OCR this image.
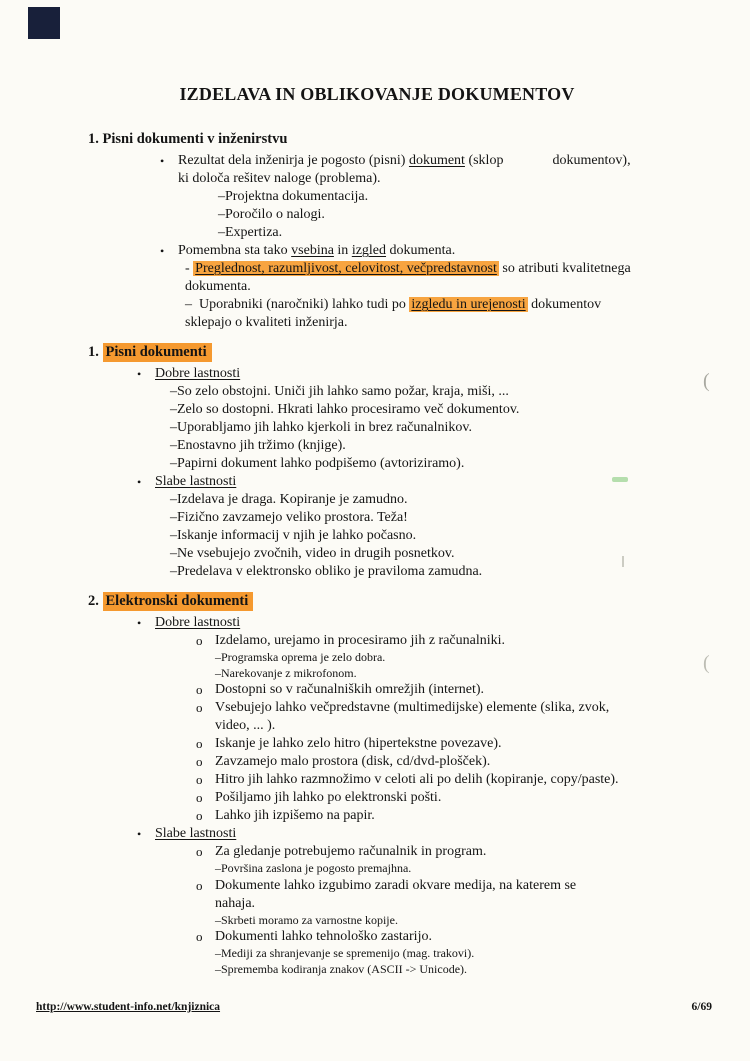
IZDELAVA IN OBLIKOVANJE DOKUMENTOV
1. Pisni dokumenti v inženirstvu
• Rezultat dela inženirja je pogosto (pisni) dokument (sklop              dokumentov),
ki določa rešitev naloge (problema).
–Projektna dokumentacija.
–Poročilo o nalogi.
–Expertiza.
• Pomembna sta tako vsebina in izgled dokumenta.
- Preglednost, razumljivost, celovitost, večpredstavnost so atributi kvalitetnega
dokumenta.
–  Uporabniki (naročniki) lahko tudi po izgledu in urejenosti dokumentov
sklepajo o kvaliteti inženirja.
1. Pisni dokumenti
• Dobre lastnosti
–So zelo obstojni. Uniči jih lahko samo požar, kraja, miši, ...
–Zelo so dostopni. Hkrati lahko procesiramo več dokumentov.
–Uporabljamo jih lahko kjerkoli in brez računalnikov.
–Enostavno jih tržimo (knjige).
–Papirni dokument lahko podpišemo (avtoriziramo).
• Slabe lastnosti
–Izdelava je draga. Kopiranje je zamudno.
–Fizično zavzamejo veliko prostora. Teža!
–Iskanje informacij v njih je lahko počasno.
–Ne vsebujejo zvočnih, video in drugih posnetkov.
–Predelava v elektronsko obliko je praviloma zamudna.
2. Elektronski dokumenti
• Dobre lastnosti
o Izdelamo, urejamo in procesiramo jih z računalniki.
–Programska oprema je zelo dobra.
–Narekovanje z mikrofonom.
o Dostopni so v računalniških omrežjih (internet).
o Vsebujejo lahko večpredstavne (multimedijske) elemente (slika, zvok,
video, ... ).
o Iskanje je lahko zelo hitro (hipertekstne povezave).
o Zavzamejo malo prostora (disk, cd/dvd-plošček).
o Hitro jih lahko razmnožimo v celoti ali po delih (kopiranje, copy/paste).
o Pošiljamo jih lahko po elektronski pošti.
o Lahko jih izpišemo na papir.
• Slabe lastnosti
o Za gledanje potrebujemo računalnik in program.
–Površina zaslona je pogosto premajhna.
o Dokumente lahko izgubimo zaradi okvare medija, na katerem se
nahaja.
–Skrbeti moramo za varnostne kopije.
o Dokumenti lahko tehnološko zastarijo.
–Mediji za shranjevanje se spremenijo (mag. trakovi).
–Sprememba kodiranja znakov (ASCII -> Unicode).
(
(
http://www.student-info.net/knjiznica	6/69
